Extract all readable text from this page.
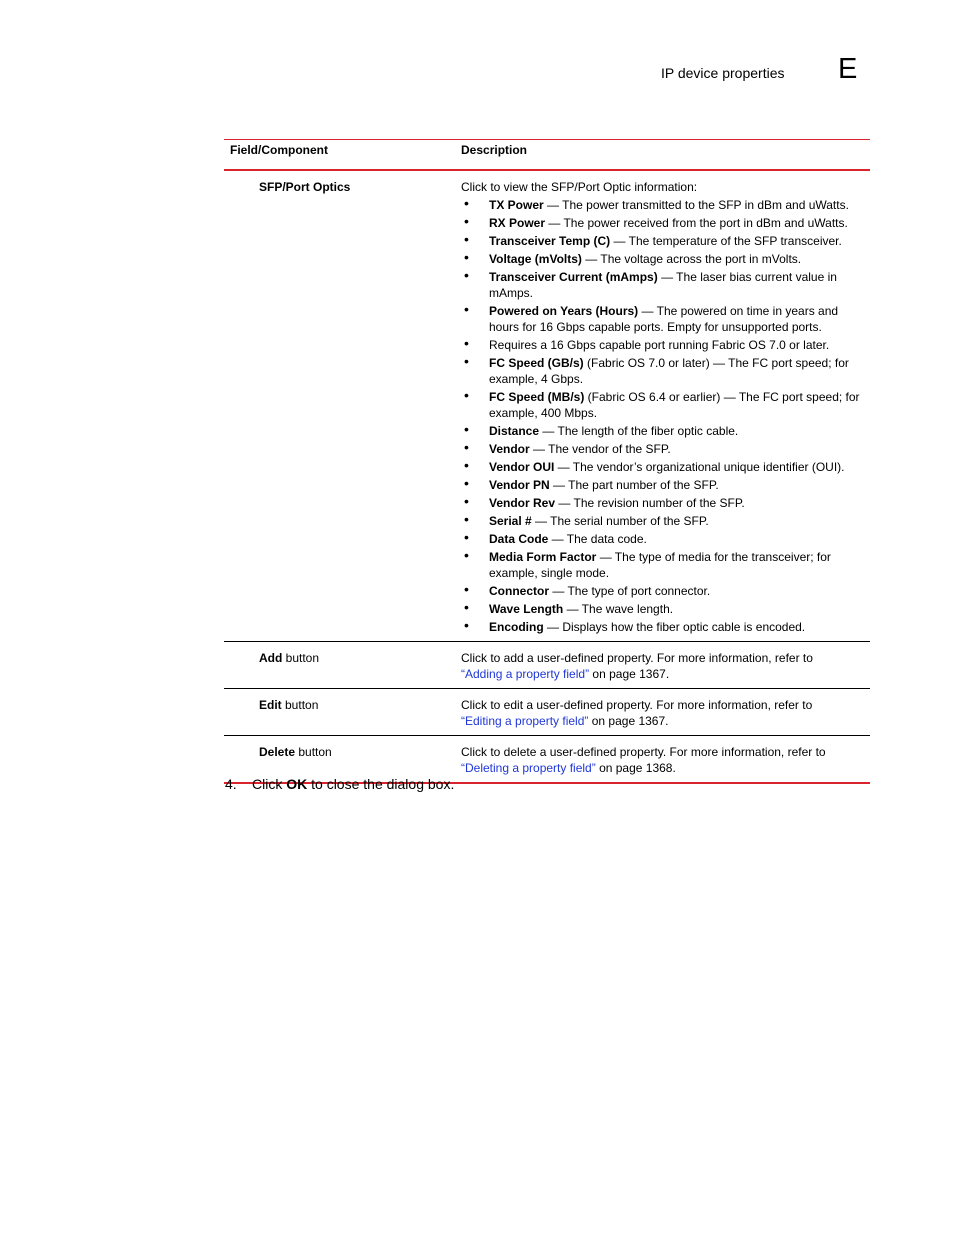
IP device properties E
Field/Component	Description
SFP/Port Optics	Click to view the SFP/Port Optic information:
• TX Power — The power transmitted to the SFP in dBm and uWatts.
• RX Power — The power received from the port in dBm and uWatts.
• Transceiver Temp (C) — The temperature of the SFP transceiver.
• Voltage (mVolts) — The voltage across the port in mVolts.
• Transceiver Current (mAmps) — The laser bias current value in mAmps.
• Powered on Years (Hours) — The powered on time in years and hours for 16 Gbps capable ports. Empty for unsupported ports.
• Requires a 16 Gbps capable port running Fabric OS 7.0 or later.
• FC Speed (GB/s) (Fabric OS 7.0 or later) — The FC port speed; for example, 4 Gbps.
• FC Speed (MB/s) (Fabric OS 6.4 or earlier) — The FC port speed; for example, 400 Mbps.
• Distance — The length of the fiber optic cable.
• Vendor — The vendor of the SFP.
• Vendor OUI — The vendor’s organizational unique identifier (OUI).
• Vendor PN — The part number of the SFP.
• Vendor Rev — The revision number of the SFP.
• Serial # — The serial number of the SFP.
• Data Code — The data code.
• Media Form Factor — The type of media for the transceiver; for example, single mode.
• Connector — The type of port connector.
• Wave Length — The wave length.
• Encoding — Displays how the fiber optic cable is encoded.
Add button	Click to add a user-defined property. For more information, refer to
“Adding a property field” on page 1367.
Edit button	Click to edit a user-defined property. For more information, refer to
“Editing a property field” on page 1367.
Delete button	Click to delete a user-defined property. For more information, refer to
“Deleting a property field” on page 1368.
4. Click OK to close the dialog box.
